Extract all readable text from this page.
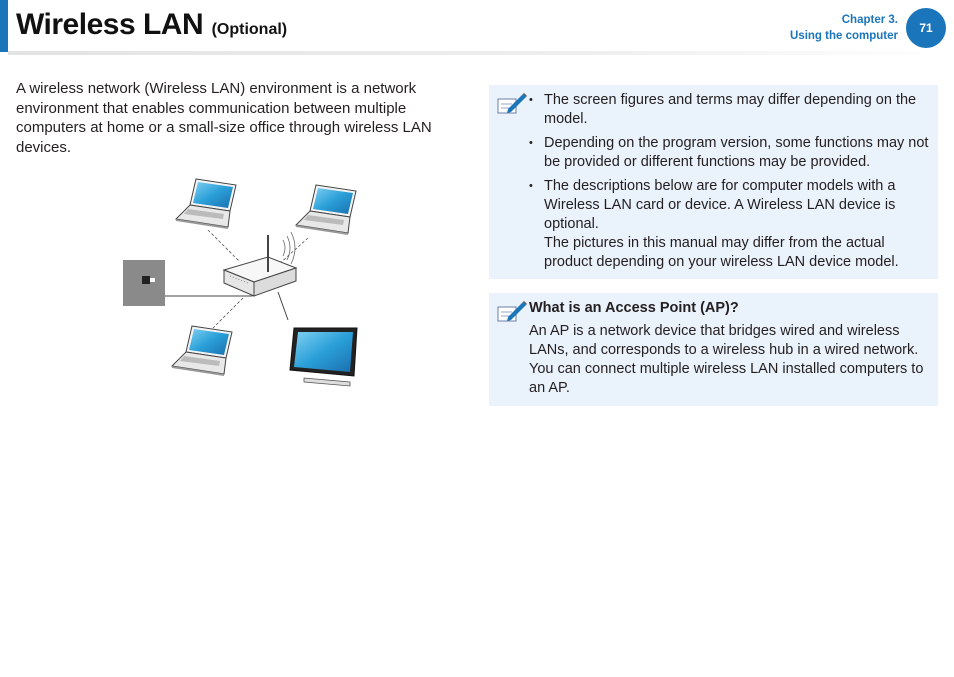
Wireless LAN (Optional)
Chapter 3.
Using the computer
71

A wireless network (Wireless LAN) environment is a network environment that enables communication between multiple computers at home or a small-size office through wireless LAN devices.

• The screen figures and terms may differ depending on the model.
• Depending on the program version, some functions may not be provided or different functions may be provided.
• The descriptions below are for computer models with a Wireless LAN card or device. A Wireless LAN device is optional.
The pictures in this manual may differ from the actual product depending on your wireless LAN device model.
What is an Access Point (AP)?

An AP is a network device that bridges wired and wireless LANs, and corresponds to a wireless hub in a wired network. You can connect multiple wireless LAN installed computers to an AP.
